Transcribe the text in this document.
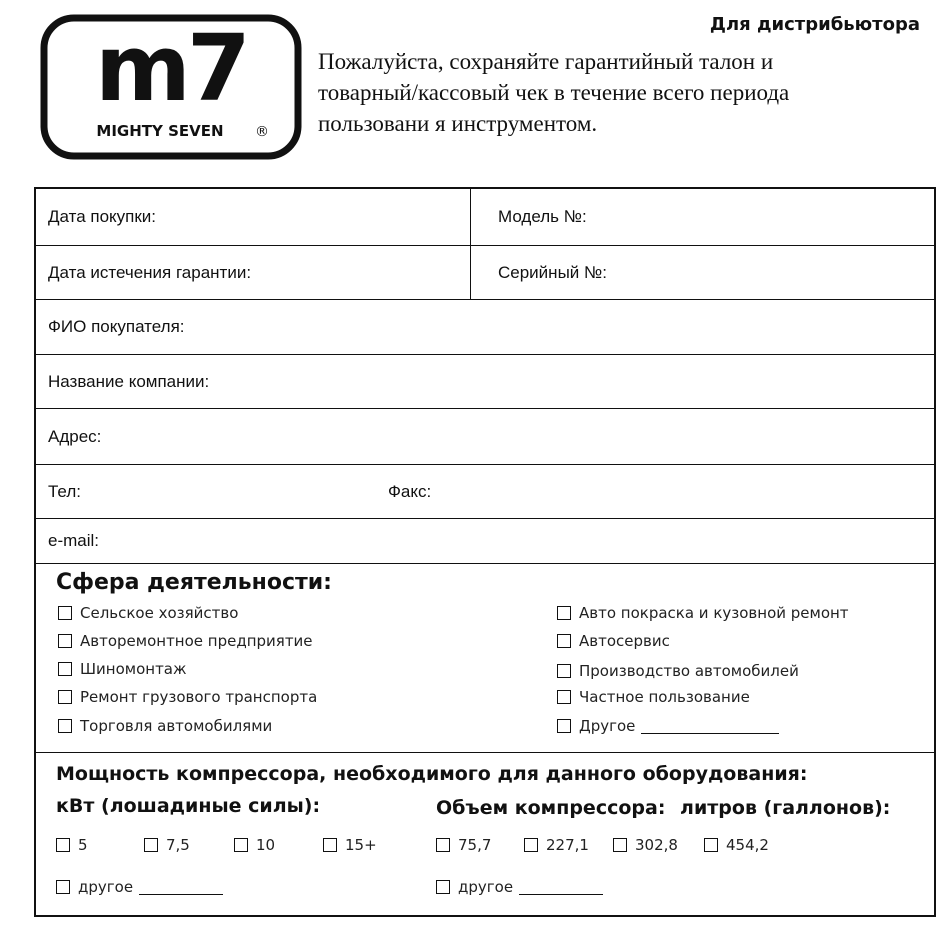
m7
MIGHTY SEVEN ®
Для дистрибьютора
Пожалуйста, сохраняйте гарантийный талон и
товарный/кассовый чек в течение всего периода
пользовани я инструментом.
Дата покупки:	Модель №:
Дата истечения гарантии:	Серийный №:
ФИО покупателя:
Название компании:
Адрес:
Тел:	Факс:
e-mail:
Сфера деятельности:
Сельское хозяйство
Авторемонтное предприятие
Шиномонтаж
Ремонт грузового транспорта
Торговля автомобилями
Авто покраска и кузовной ремонт
Автосервис
Производство автомобилей
Частное пользование
Другое
Мощность компрессора, необходимого для данного оборудования:
кВт (лошадиные силы):	Объем компрессора: литров (галлонов):
5	7,5	10	15+	75,7	227,1	302,8	454,2
другое	другое
